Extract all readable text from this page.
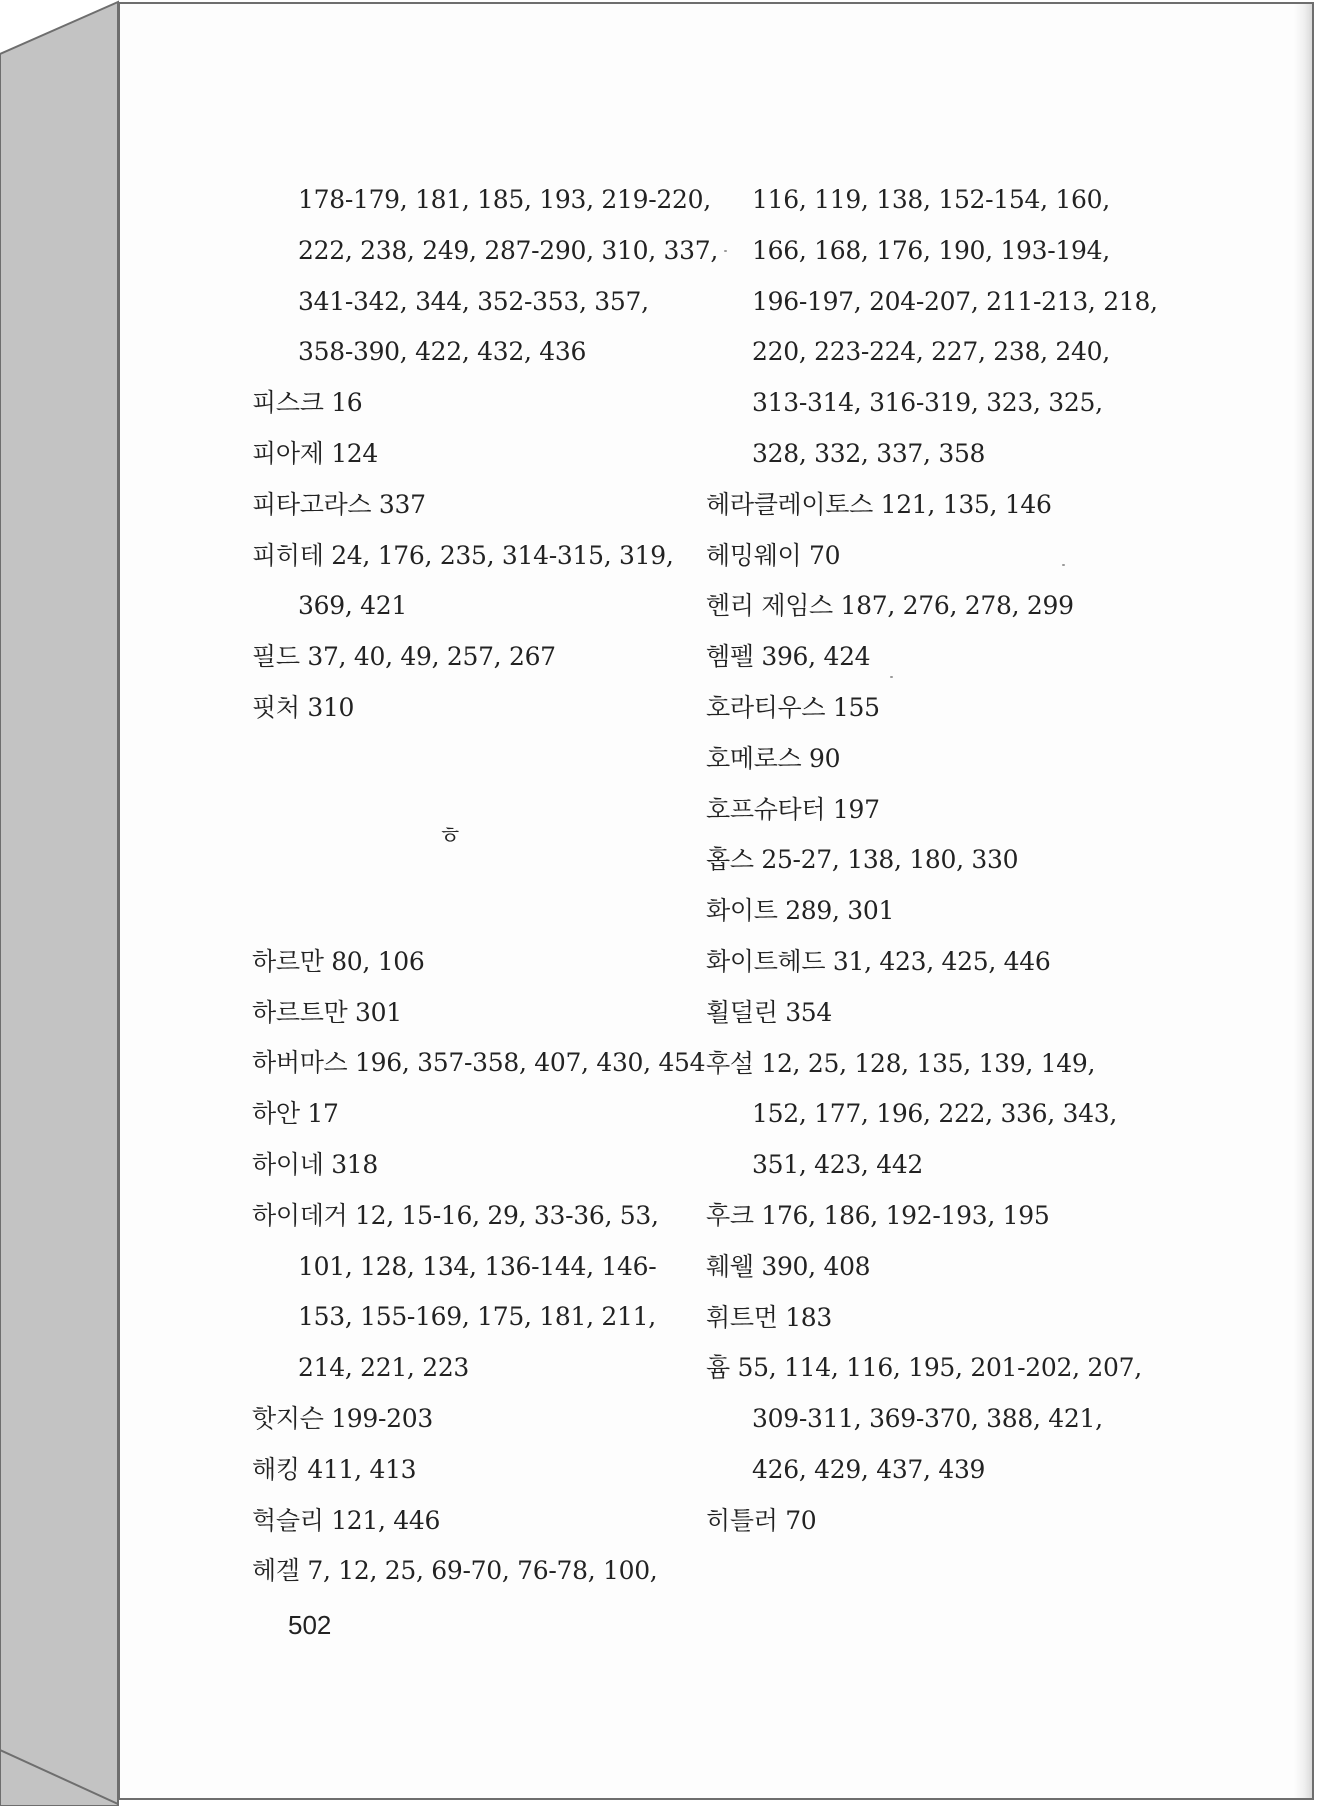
178-179, 181, 185, 193, 219-220,
222, 238, 249, 287-290, 310, 337,
341-342, 344, 352-353, 357,
358-390, 422, 432, 436
피스크 16
피아제 124
피타고라스 337
피히테 24, 176, 235, 314-315, 319,
369, 421
필드 37, 40, 49, 257, 267
핏처 310
ㅎ
하르만 80, 106
하르트만 301
하버마스 196, 357-358, 407, 430, 454
하안 17
하이네 318
하이데거 12, 15-16, 29, 33-36, 53,
101, 128, 134, 136-144, 146-
153, 155-169, 175, 181, 211,
214, 221, 223
핫지슨 199-203
해킹 411, 413
헉슬리 121, 446
헤겔 7, 12, 25, 69-70, 76-78, 100,
116, 119, 138, 152-154, 160,
166, 168, 176, 190, 193-194,
196-197, 204-207, 211-213, 218,
220, 223-224, 227, 238, 240,
313-314, 316-319, 323, 325,
328, 332, 337, 358
헤라클레이토스 121, 135, 146
헤밍웨이 70
헨리 제임스 187, 276, 278, 299
헴펠 396, 424
호라티우스 155
호메로스 90
호프슈타터 197
홉스 25-27, 138, 180, 330
화이트 289, 301
화이트헤드 31, 423, 425, 446
횔덜린 354
후설 12, 25, 128, 135, 139, 149,
152, 177, 196, 222, 336, 343,
351, 423, 442
후크 176, 186, 192-193, 195
훼웰 390, 408
휘트먼 183
흄 55, 114, 116, 195, 201-202, 207,
309-311, 369-370, 388, 421,
426, 429, 437, 439
히틀러 70
502
